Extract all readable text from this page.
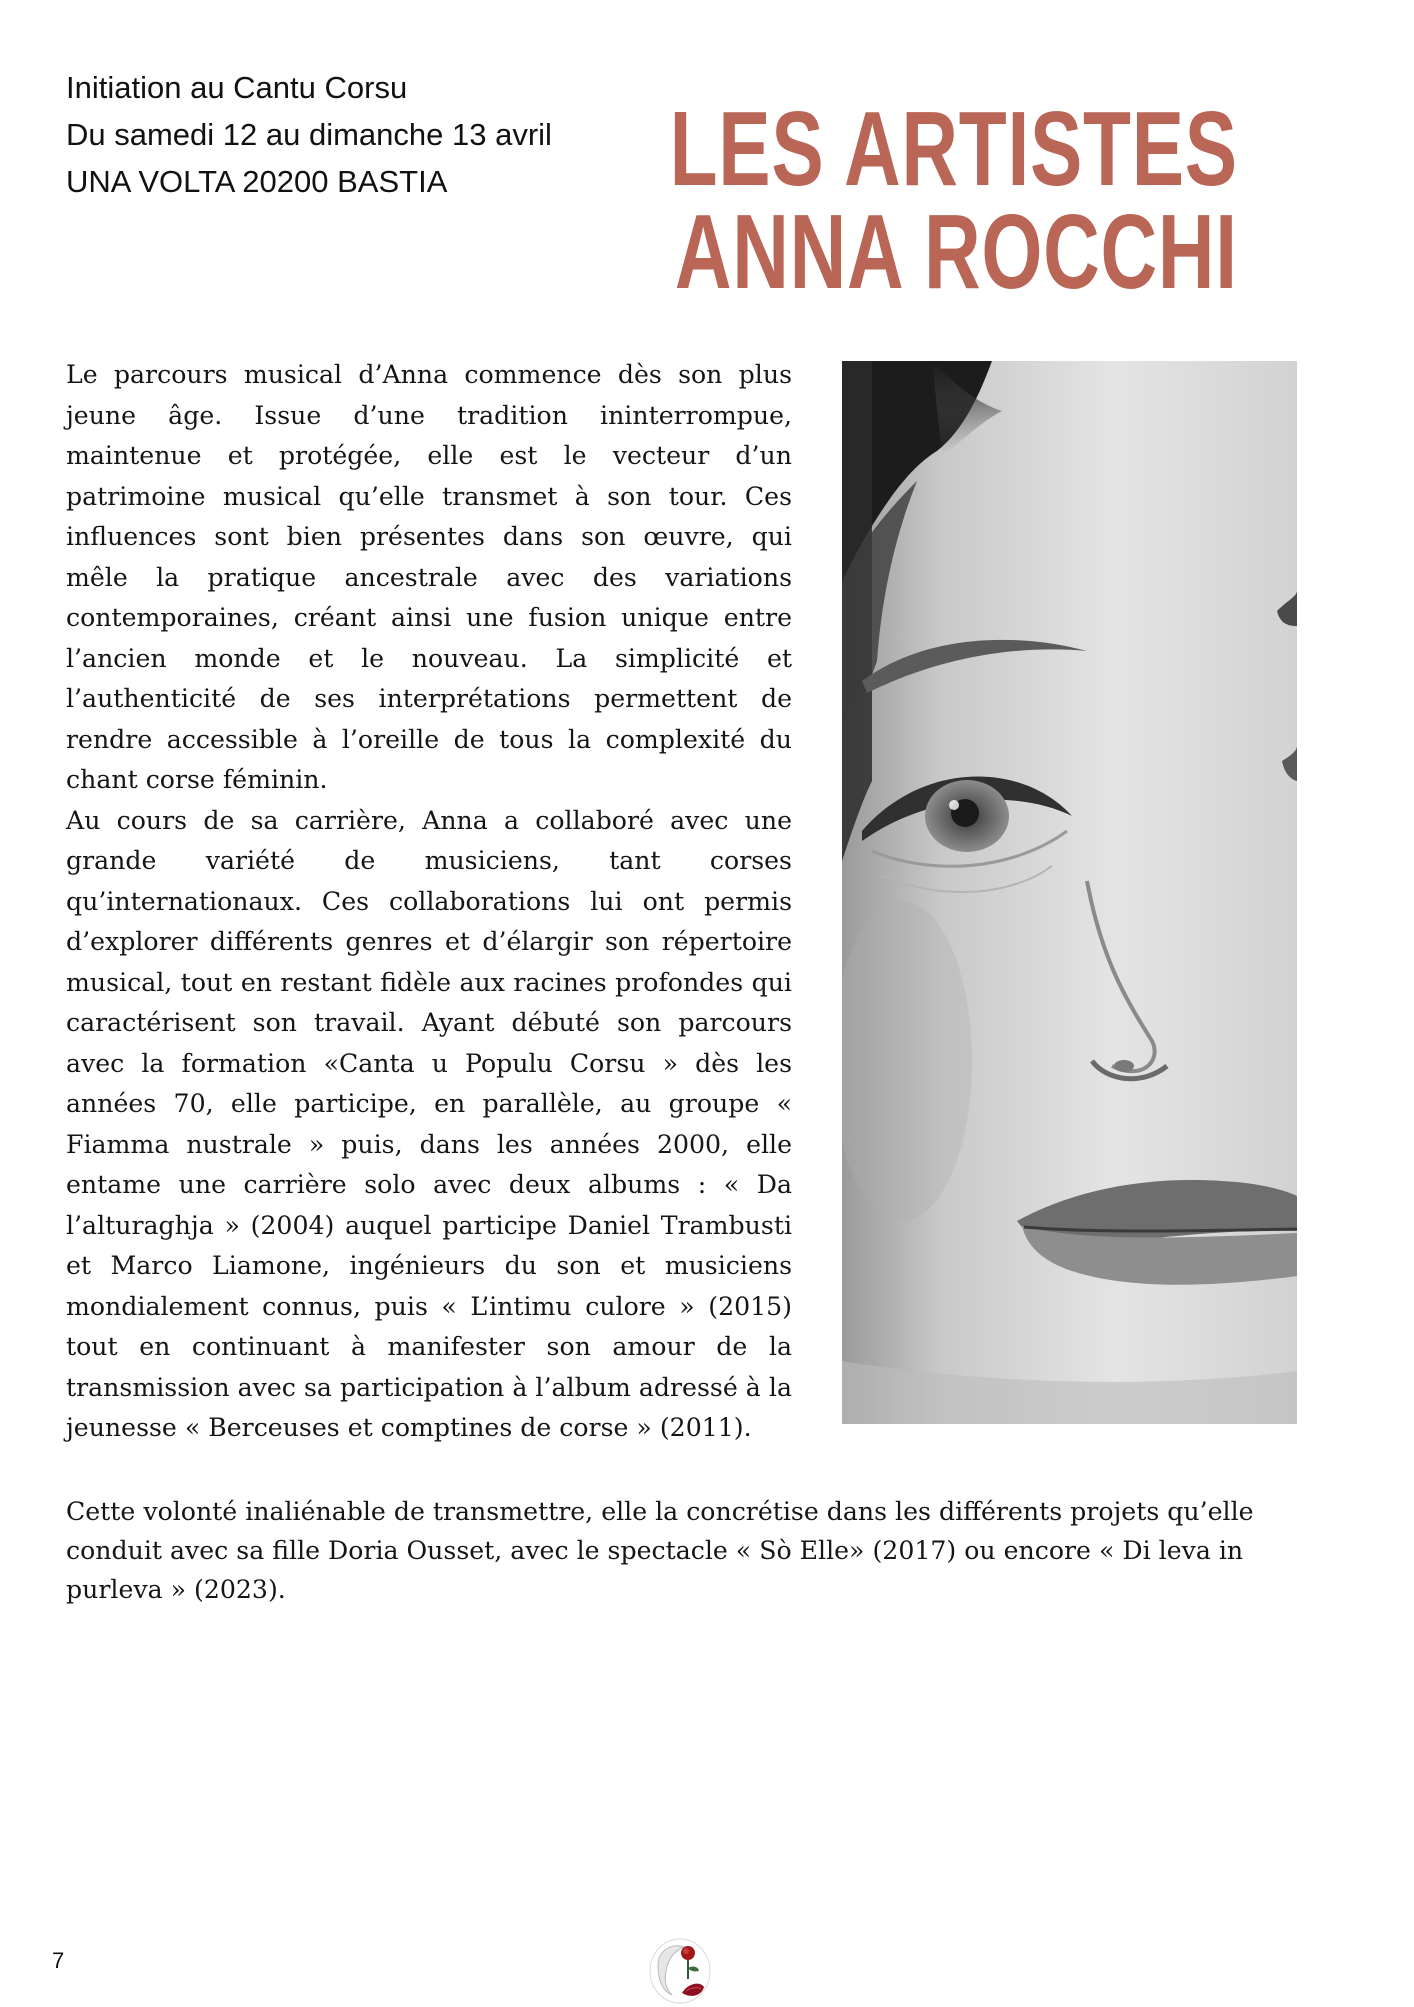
Initiation au Cantu Corsu
Du samedi 12 au dimanche 13 avril
UNA VOLTA 20200 BASTIA	LES ARTISTES
ANNA ROCCHI

Le parcours musical d’Anna commence dès son plus jeune âge. Issue d’une tradition ininterrompue, maintenue et protégée, elle est le vecteur d’un patrimoine musical qu’elle transmet à son tour. Ces influences sont bien présentes dans son œuvre, qui mêle la pratique ancestrale avec des variations contemporaines, créant ainsi une fusion unique entre l’ancien monde et le nouveau. La simplicité et l’authenticité de ses interprétations permettent de rendre accessible à l’oreille de tous la complexité du chant corse féminin.

Au cours de sa carrière, Anna a collaboré avec une grande variété de musiciens, tant corses qu’internationaux. Ces collaborations lui ont permis d’explorer différents genres et d’élargir son répertoire musical, tout en restant fidèle aux racines profondes qui caractérisent son travail. Ayant débuté son parcours avec la formation «Canta u Populu Corsu » dès les années 70, elle participe, en parallèle, au groupe « Fiamma nustrale » puis, dans les années 2000, elle entame une carrière solo avec deux albums : « Da l’alturaghja » (2004) auquel participe Daniel Trambusti et Marco Liamone, ingénieurs du son et musiciens mondialement connus, puis « L’intimu culore » (2015) tout en continuant à manifester son amour de la transmission avec sa participation à l’album adressé à la jeunesse « Berceuses et comptines de corse » (2011).

Cette volonté inaliénable de transmettre, elle la concrétise dans les différents projets qu’elle conduit avec sa fille Doria Ousset, avec le spectacle « Sò Elle» (2017) ou encore « Di leva in purleva » (2023).

7
